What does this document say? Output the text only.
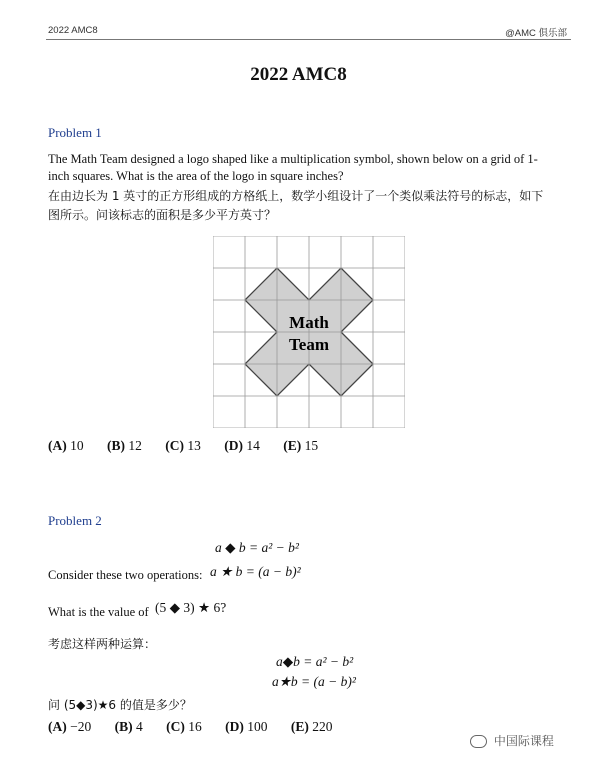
2022 AMC8	@AMC 俱乐部
2022 AMC8
Problem 1
The Math Team designed a logo shaped like a multiplication symbol, shown below on a grid of 1-
inch squares. What is the area of the logo in square inches?
在由边长为 1 英寸的正方形组成的方格纸上，数学小组设计了一个类似乘法符号的标志，如下
图所示。问该标志的面积是多少平方英寸？
Math
Team
(A) 10 (B) 12 (C) 13 (D) 14 (E) 15
Problem 2
a ◆ b = a² − b²
Consider these two operations: a ★ b = (a − b)²
What is the value of (5 ◆ 3) ★ 6?
考虑这样两种运算：
a◆b = a² − b²
a★b = (a − b)²
问 (5◆3)★6 的值是多少？
(A) −20 (B) 4 (C) 16 (D) 100 (E) 220
中国际课程
